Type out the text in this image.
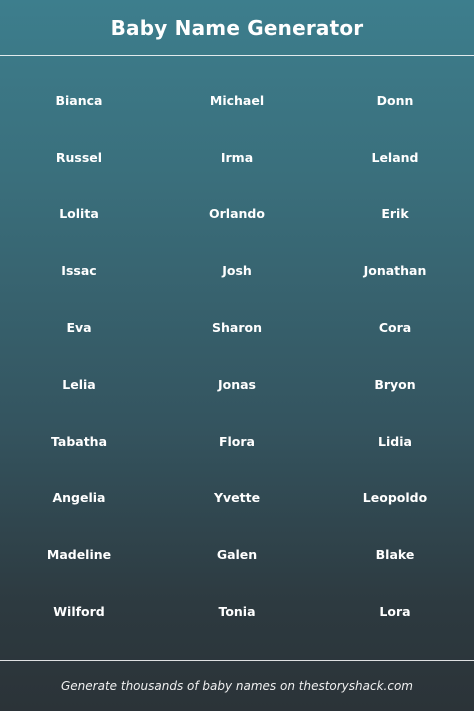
Baby Name Generator
Bianca	Michael	Donn
Russel	Irma	Leland
Lolita	Orlando	Erik
Issac	Josh	Jonathan
Eva	Sharon	Cora
Lelia	Jonas	Bryon
Tabatha	Flora	Lidia
Angelia	Yvette	Leopoldo
Madeline	Galen	Blake
Wilford	Tonia	Lora
Generate thousands of baby names on thestoryshack.com
